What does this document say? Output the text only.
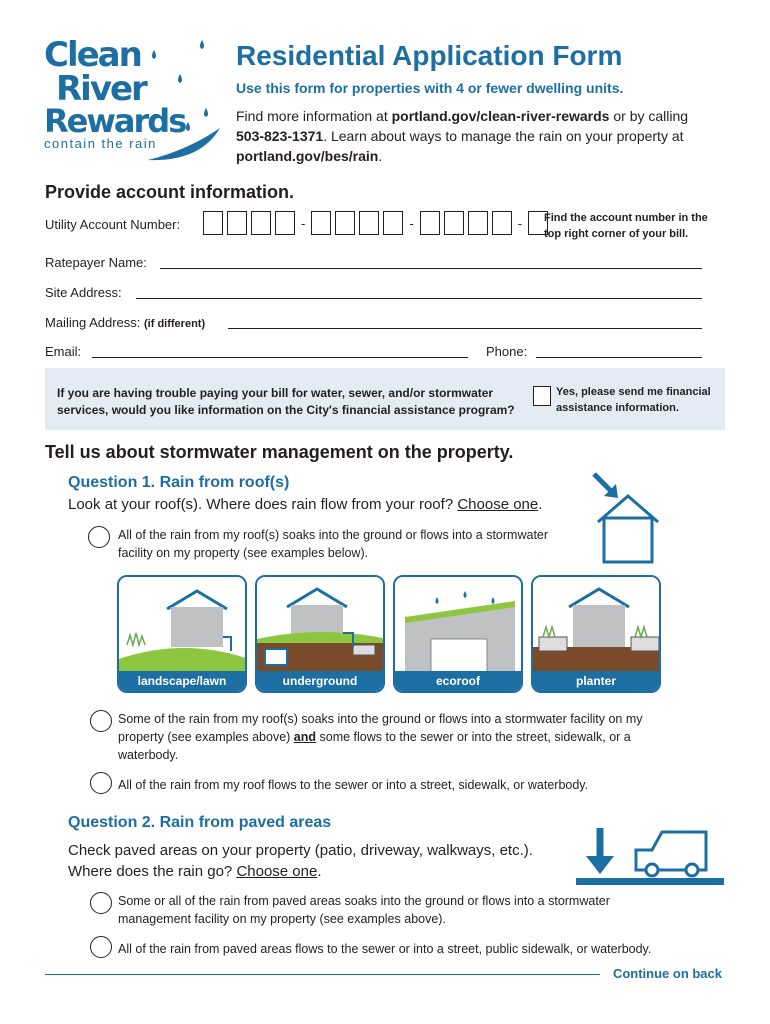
Clean
River
Rewards
contain the rain
Residential Application Form
Use this form for properties with 4 or fewer dwelling units.
Find more information at portland.gov/clean-river-rewards or by calling 503-823-1371. Learn about ways to manage the rain on your property at portland.gov/bes/rain.
Provide account information.
Utility Account Number:	-	-	- Find the account number in the top right corner of your bill.
Ratepayer Name:
Site Address:
Mailing Address: (if different)
Email:	Phone:
If you are having trouble paying your bill for water, sewer, and/or stormwater services, would you like information on the City's financial assistance program?
Yes, please send me financial assistance information.
Tell us about stormwater management on the property.
Question 1. Rain from roof(s)
Look at your roof(s). Where does rain flow from your roof? Choose one.
All of the rain from my roof(s) soaks into the ground or flows into a stormwater facility on my property (see examples below).
landscape/lawn	underground	ecoroof	planter
Some of the rain from my roof(s) soaks into the ground or flows into a stormwater facility on my property (see examples above) and some flows to the sewer or into the street, sidewalk, or a waterbody.
All of the rain from my roof flows to the sewer or into a street, sidewalk, or waterbody.
Question 2. Rain from paved areas
Check paved areas on your property (patio, driveway, walkways, etc.).
Where does the rain go? Choose one.
Some or all of the rain from paved areas soaks into the ground or flows into a stormwater management facility on my property (see examples above).
All of the rain from paved areas flows to the sewer or into a street, public sidewalk, or waterbody.
Continue on back
